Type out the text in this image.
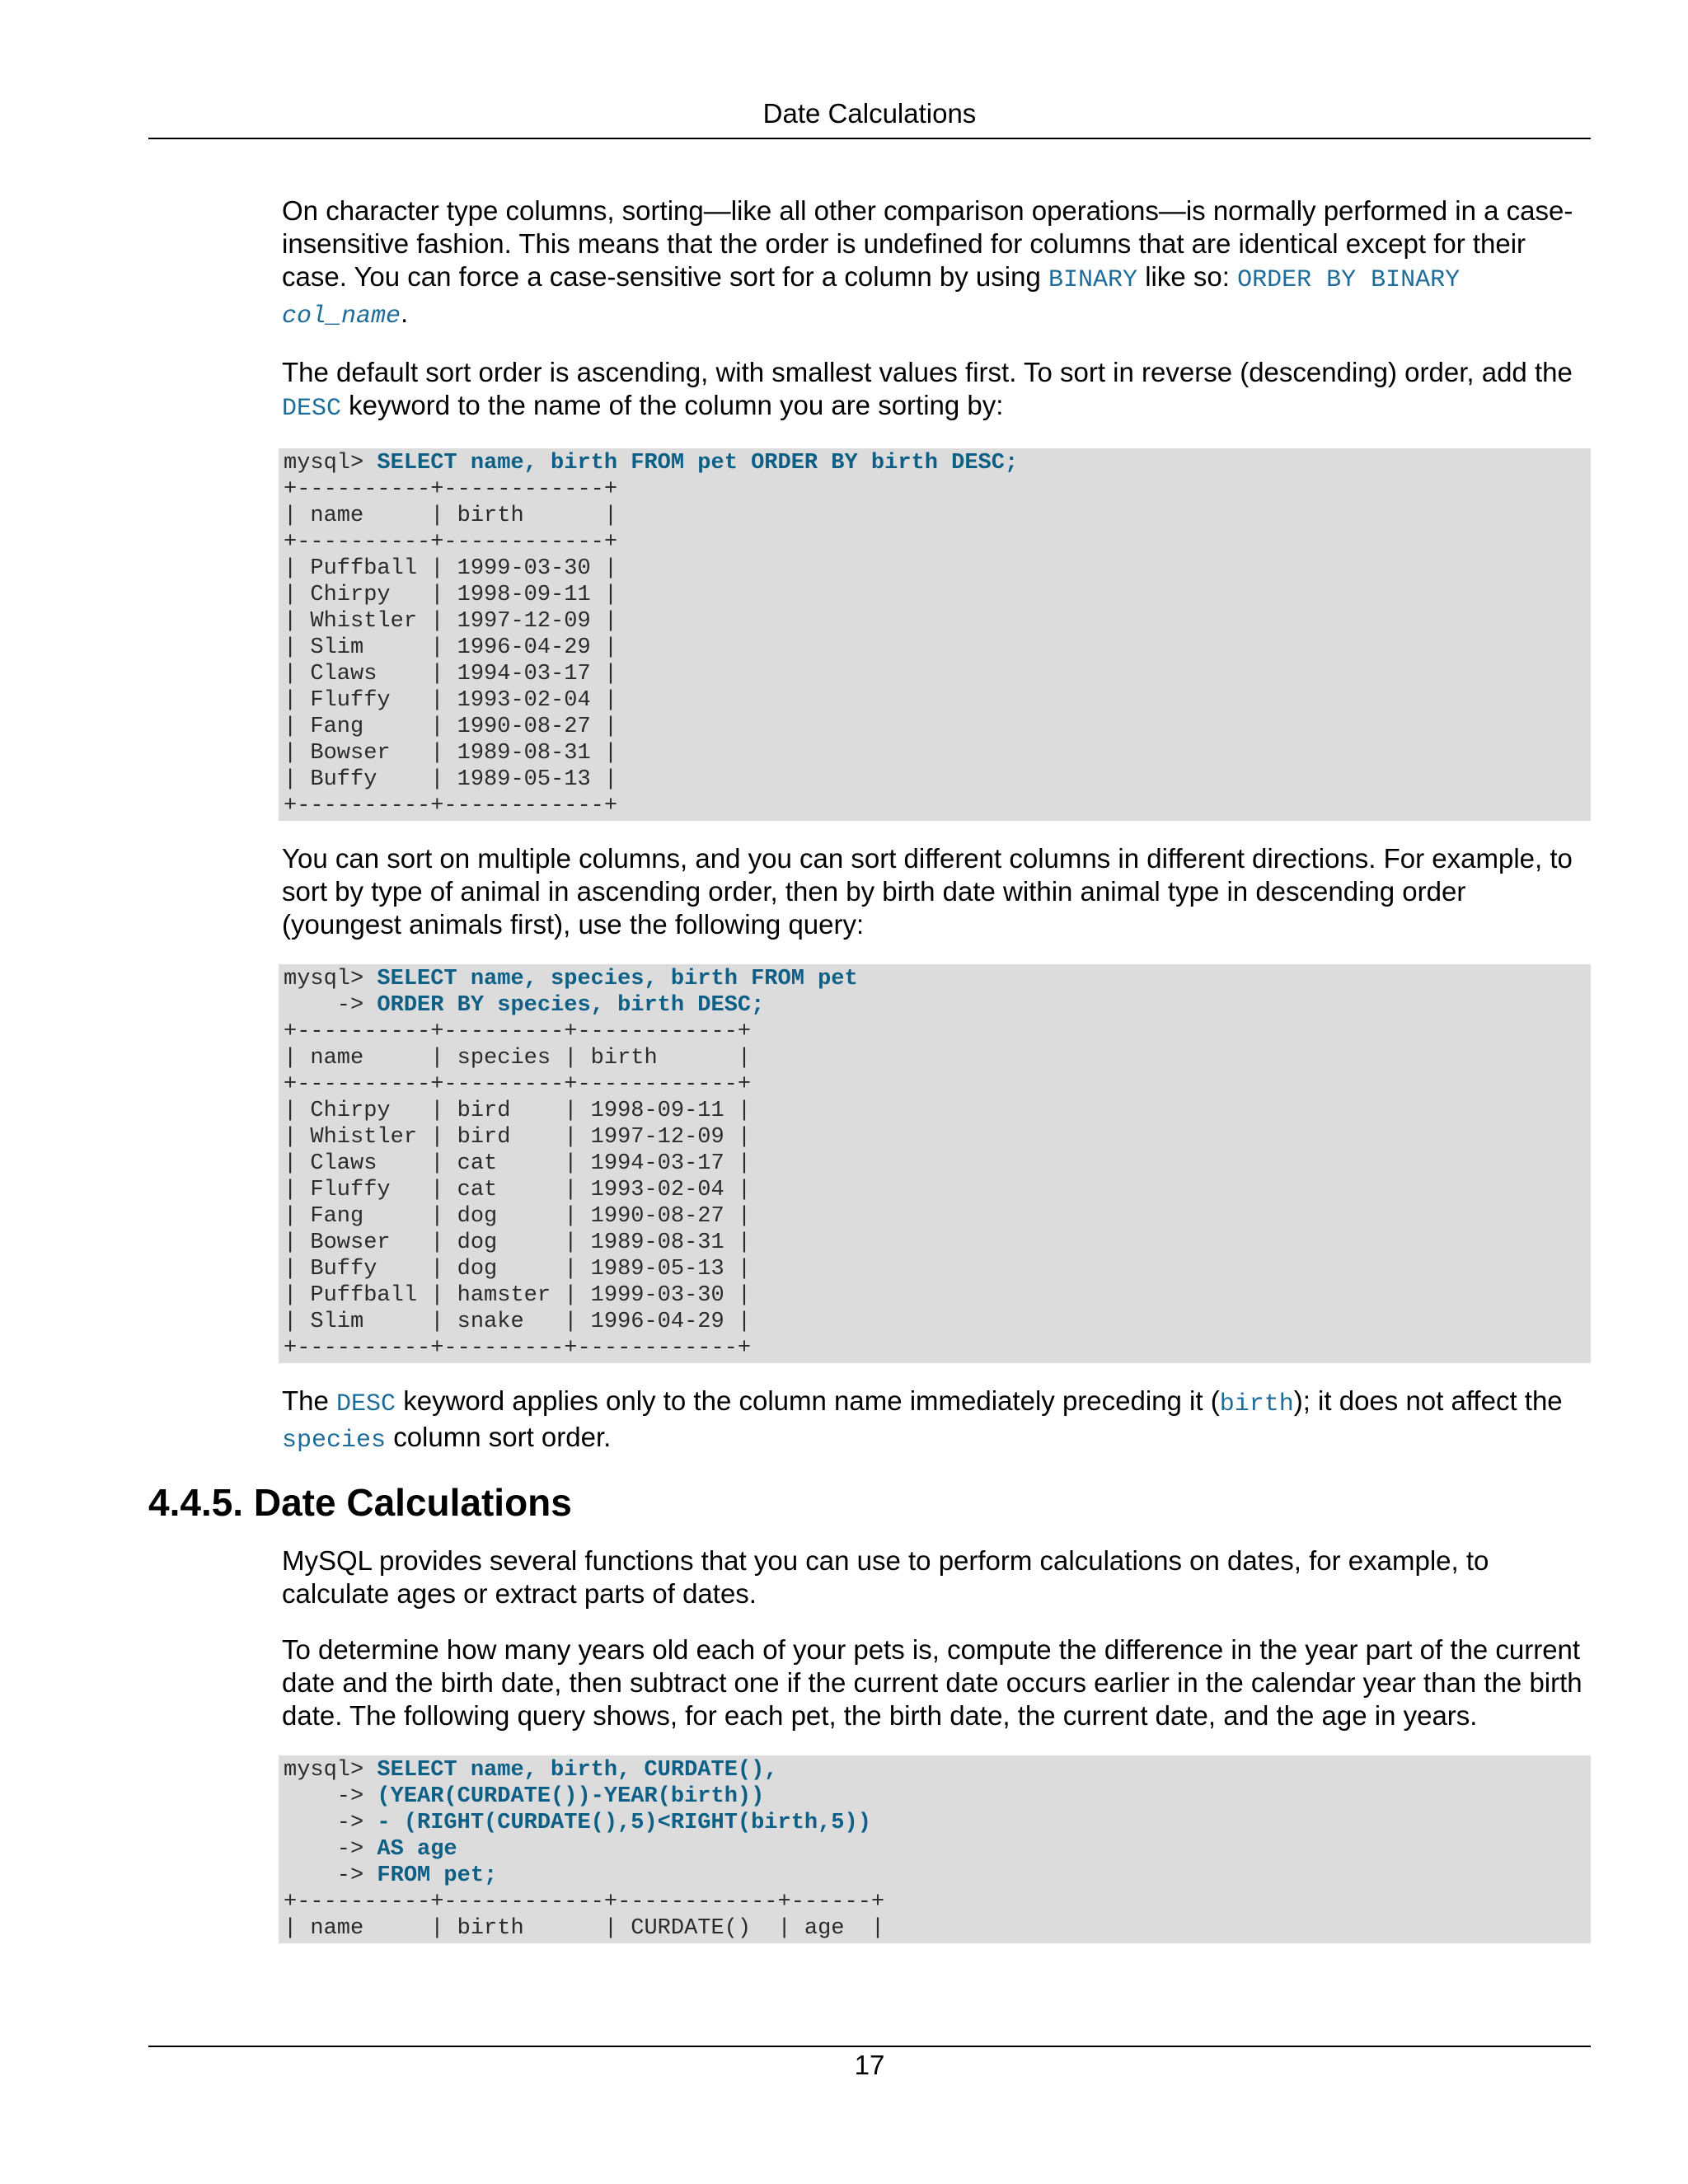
Date Calculations

On character type columns, sorting—like all other comparison operations—is normally performed in a case-insensitive fashion. This means that the order is undefined for columns that are identical except for their case. You can force a case-sensitive sort for a column by using BINARY like so: ORDER BY BINARY col_name.

The default sort order is ascending, with smallest values first. To sort in reverse (descending) order, add the DESC keyword to the name of the column you are sorting by:

mysql> SELECT name, birth FROM pet ORDER BY birth DESC;
+----------+------------+
| name     | birth      |
+----------+------------+
| Puffball | 1999-03-30 |
| Chirpy   | 1998-09-11 |
| Whistler | 1997-12-09 |
| Slim     | 1996-04-29 |
| Claws    | 1994-03-17 |
| Fluffy   | 1993-02-04 |
| Fang     | 1990-08-27 |
| Bowser   | 1989-08-31 |
| Buffy    | 1989-05-13 |
+----------+------------+

You can sort on multiple columns, and you can sort different columns in different directions. For example, to sort by type of animal in ascending order, then by birth date within animal type in descending order (youngest animals first), use the following query:

mysql> SELECT name, species, birth FROM pet
-> ORDER BY species, birth DESC;
+----------+---------+------------+
| name     | species | birth      |
+----------+---------+------------+
| Chirpy   | bird    | 1998-09-11 |
| Whistler | bird    | 1997-12-09 |
| Claws    | cat     | 1994-03-17 |
| Fluffy   | cat     | 1993-02-04 |
| Fang     | dog     | 1990-08-27 |
| Bowser   | dog     | 1989-08-31 |
| Buffy    | dog     | 1989-05-13 |
| Puffball | hamster | 1999-03-30 |
| Slim     | snake   | 1996-04-29 |
+----------+---------+------------+

The DESC keyword applies only to the column name immediately preceding it (birth); it does not affect the species column sort order.

4.4.5. Date Calculations

MySQL provides several functions that you can use to perform calculations on dates, for example, to calculate ages or extract parts of dates.

To determine how many years old each of your pets is, compute the difference in the year part of the current date and the birth date, then subtract one if the current date occurs earlier in the calendar year than the birth date. The following query shows, for each pet, the birth date, the current date, and the age in years.

mysql> SELECT name, birth, CURDATE(),
-> (YEAR(CURDATE())-YEAR(birth))
-> - (RIGHT(CURDATE(),5)<RIGHT(birth,5))
-> AS age
-> FROM pet;
+----------+------------+------------+------+
| name     | birth      | CURDATE()  | age  |
17
